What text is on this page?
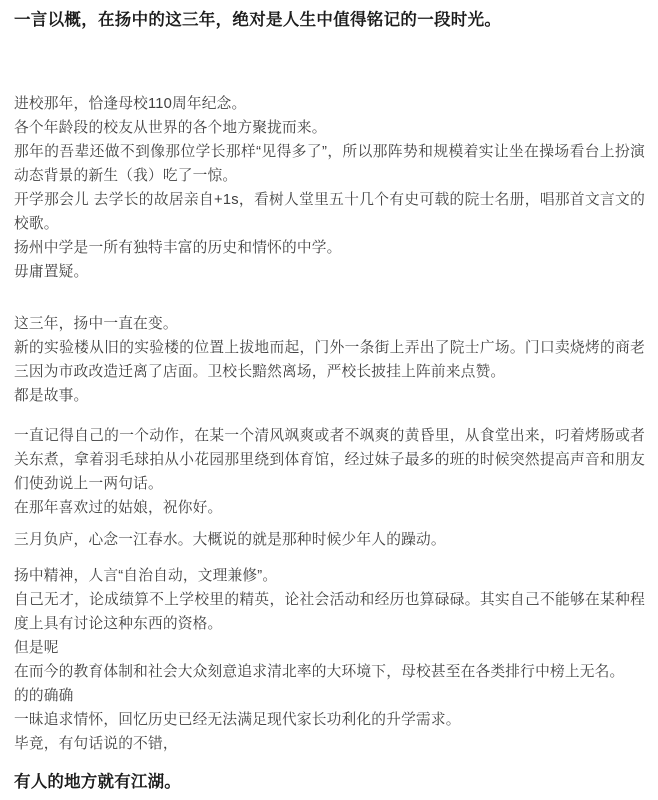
一言以概，在扬中的这三年，绝对是人生中值得铭记的一段时光。

进校那年，恰逢母校110周年纪念。

各个年龄段的校友从世界的各个地方聚拢而来。

那年的吾辈还做不到像那位学长那样“见得多了”，所以那阵势和规模着实让坐在操场看台上扮演动态背景的新生（我）吃了一惊。

开学那会儿 去学长的故居亲自+1s，看树人堂里五十几个有史可载的院士名册，唱那首文言文的校歌。

扬州中学是一所有独特丰富的历史和情怀的中学。

毋庸置疑。

这三年，扬中一直在变。

新的实验楼从旧的实验楼的位置上拔地而起，门外一条街上弄出了院士广场。门口卖烧烤的商老三因为市政改造迁离了店面。卫校长黯然离场，严校长披挂上阵前来点赞。

都是故事。

一直记得自己的一个动作，在某一个清风飒爽或者不飒爽的黄昏里，从食堂出来，叼着烤肠或者关东煮，拿着羽毛球拍从小花园那里绕到体育馆，经过妹子最多的班的时候突然提高声音和朋友们使劲说上一两句话。

在那年喜欢过的姑娘，祝你好。

三月负庐，心念一江春水。大概说的就是那种时候少年人的躁动。

扬中精神，人言“自治自动，文理兼修”。

自己无才，论成绩算不上学校里的精英，论社会活动和经历也算碌碌。其实自己不能够在某种程度上具有讨论这种东西的资格。

但是呢

在而今的教育体制和社会大众刻意追求清北率的大环境下，母校甚至在各类排行中榜上无名。

的的确确

一昧追求情怀，回忆历史已经无法满足现代家长功利化的升学需求。

毕竟，有句话说的不错，

有人的地方就有江湖。
